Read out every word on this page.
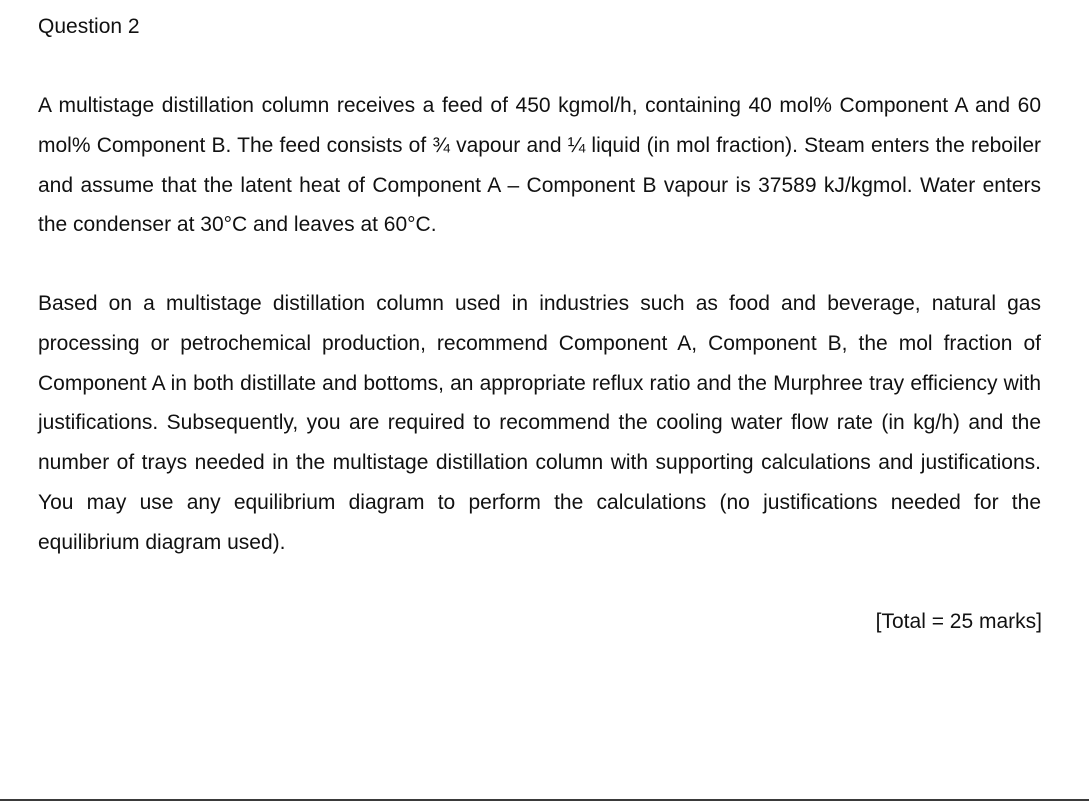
Question 2

A multistage distillation column receives a feed of 450 kgmol/h, containing 40 mol% Component A and 60 mol% Component B. The feed consists of ¾ vapour and ¼ liquid (in mol fraction). Steam enters the reboiler and assume that the latent heat of Component A – Component B vapour is 37589 kJ/kgmol. Water enters the condenser at 30°C and leaves at 60°C.

Based on a multistage distillation column used in industries such as food and beverage, natural gas processing or petrochemical production, recommend Component A, Component B, the mol fraction of Component A in both distillate and bottoms, an appropriate reflux ratio and the Murphree tray efficiency with justifications. Subsequently, you are required to recommend the cooling water flow rate (in kg/h) and the number of trays needed in the multistage distillation column with supporting calculations and justifications. You may use any equilibrium diagram to perform the calculations (no justifications needed for the equilibrium diagram used).

[Total = 25 marks]
